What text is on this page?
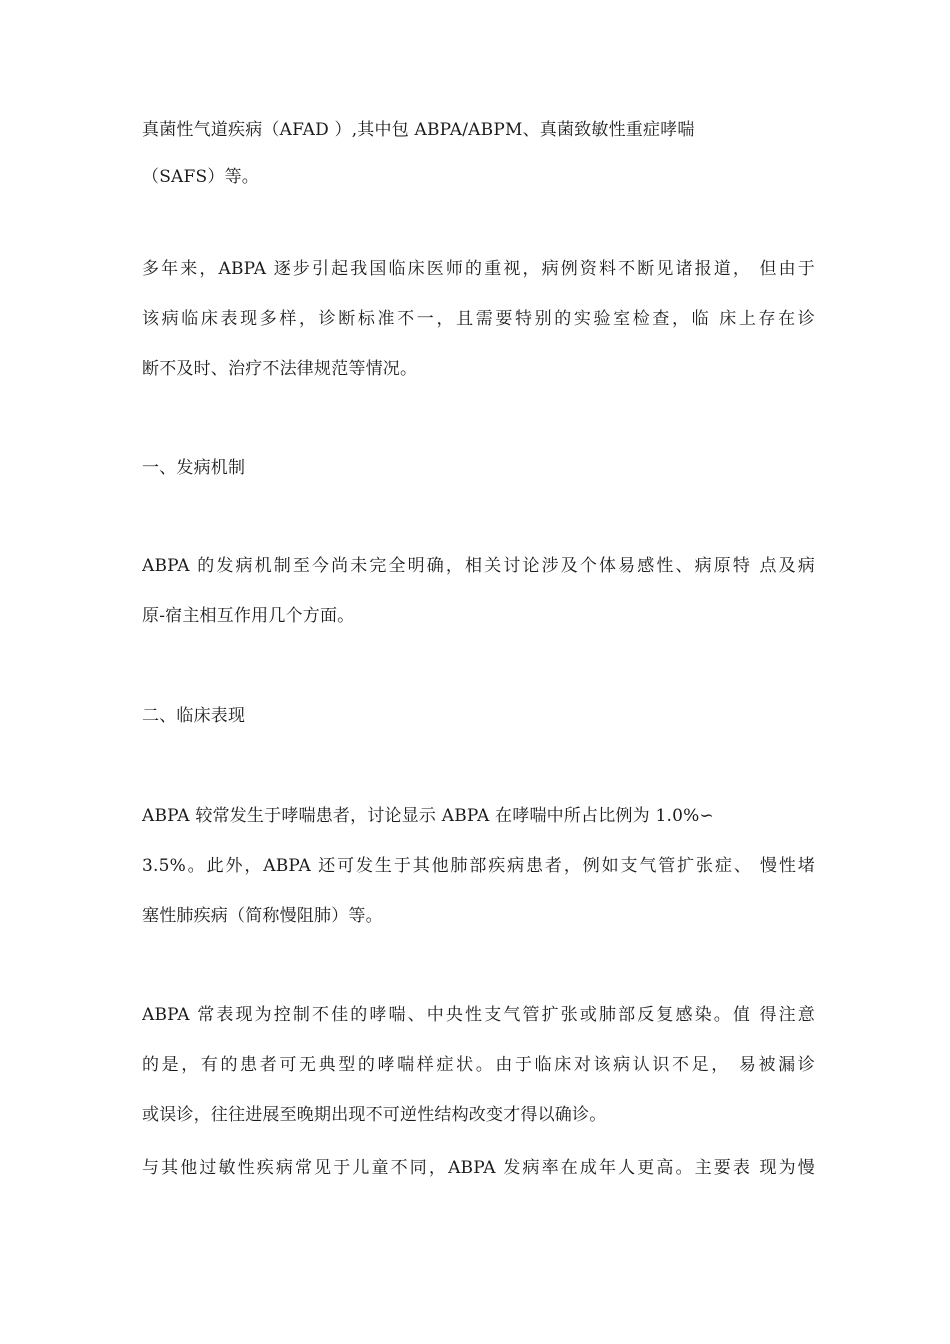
真菌性气道疾病（AFAD ）,其中包 ABPA/ABPM、真菌致敏性重症哮喘
（SAFS）等。
多年来，ABPA 逐步引起我国临床医师的重视，病例资料不断见诸报道， 但由于
该病临床表现多样，诊断标准不一，且需要特别的实验室检查，临 床上存在诊
断不及时、治疗不法律规范等情况。
一、发病机制
ABPA 的发病机制至今尚未完全明确，相关讨论涉及个体易感性、病原特 点及病
原-宿主相互作用几个方面。
二、临床表现
ABPA 较常发生于哮喘患者，讨论显示 ABPA 在哮喘中所占比例为 1.0%∽
3.5%。此外，ABPA 还可发生于其他肺部疾病患者，例如支气管扩张症、 慢性堵
塞性肺疾病（简称慢阻肺）等。
ABPA 常表现为控制不佳的哮喘、中央性支气管扩张或肺部反复感染。值 得注意
的是，有的患者可无典型的哮喘样症状。由于临床对该病认识不足， 易被漏诊
或误诊，往往进展至晚期出现不可逆性结构改变才得以确诊。
与其他过敏性疾病常见于儿童不同，ABPA 发病率在成年人更高。主要表 现为慢
